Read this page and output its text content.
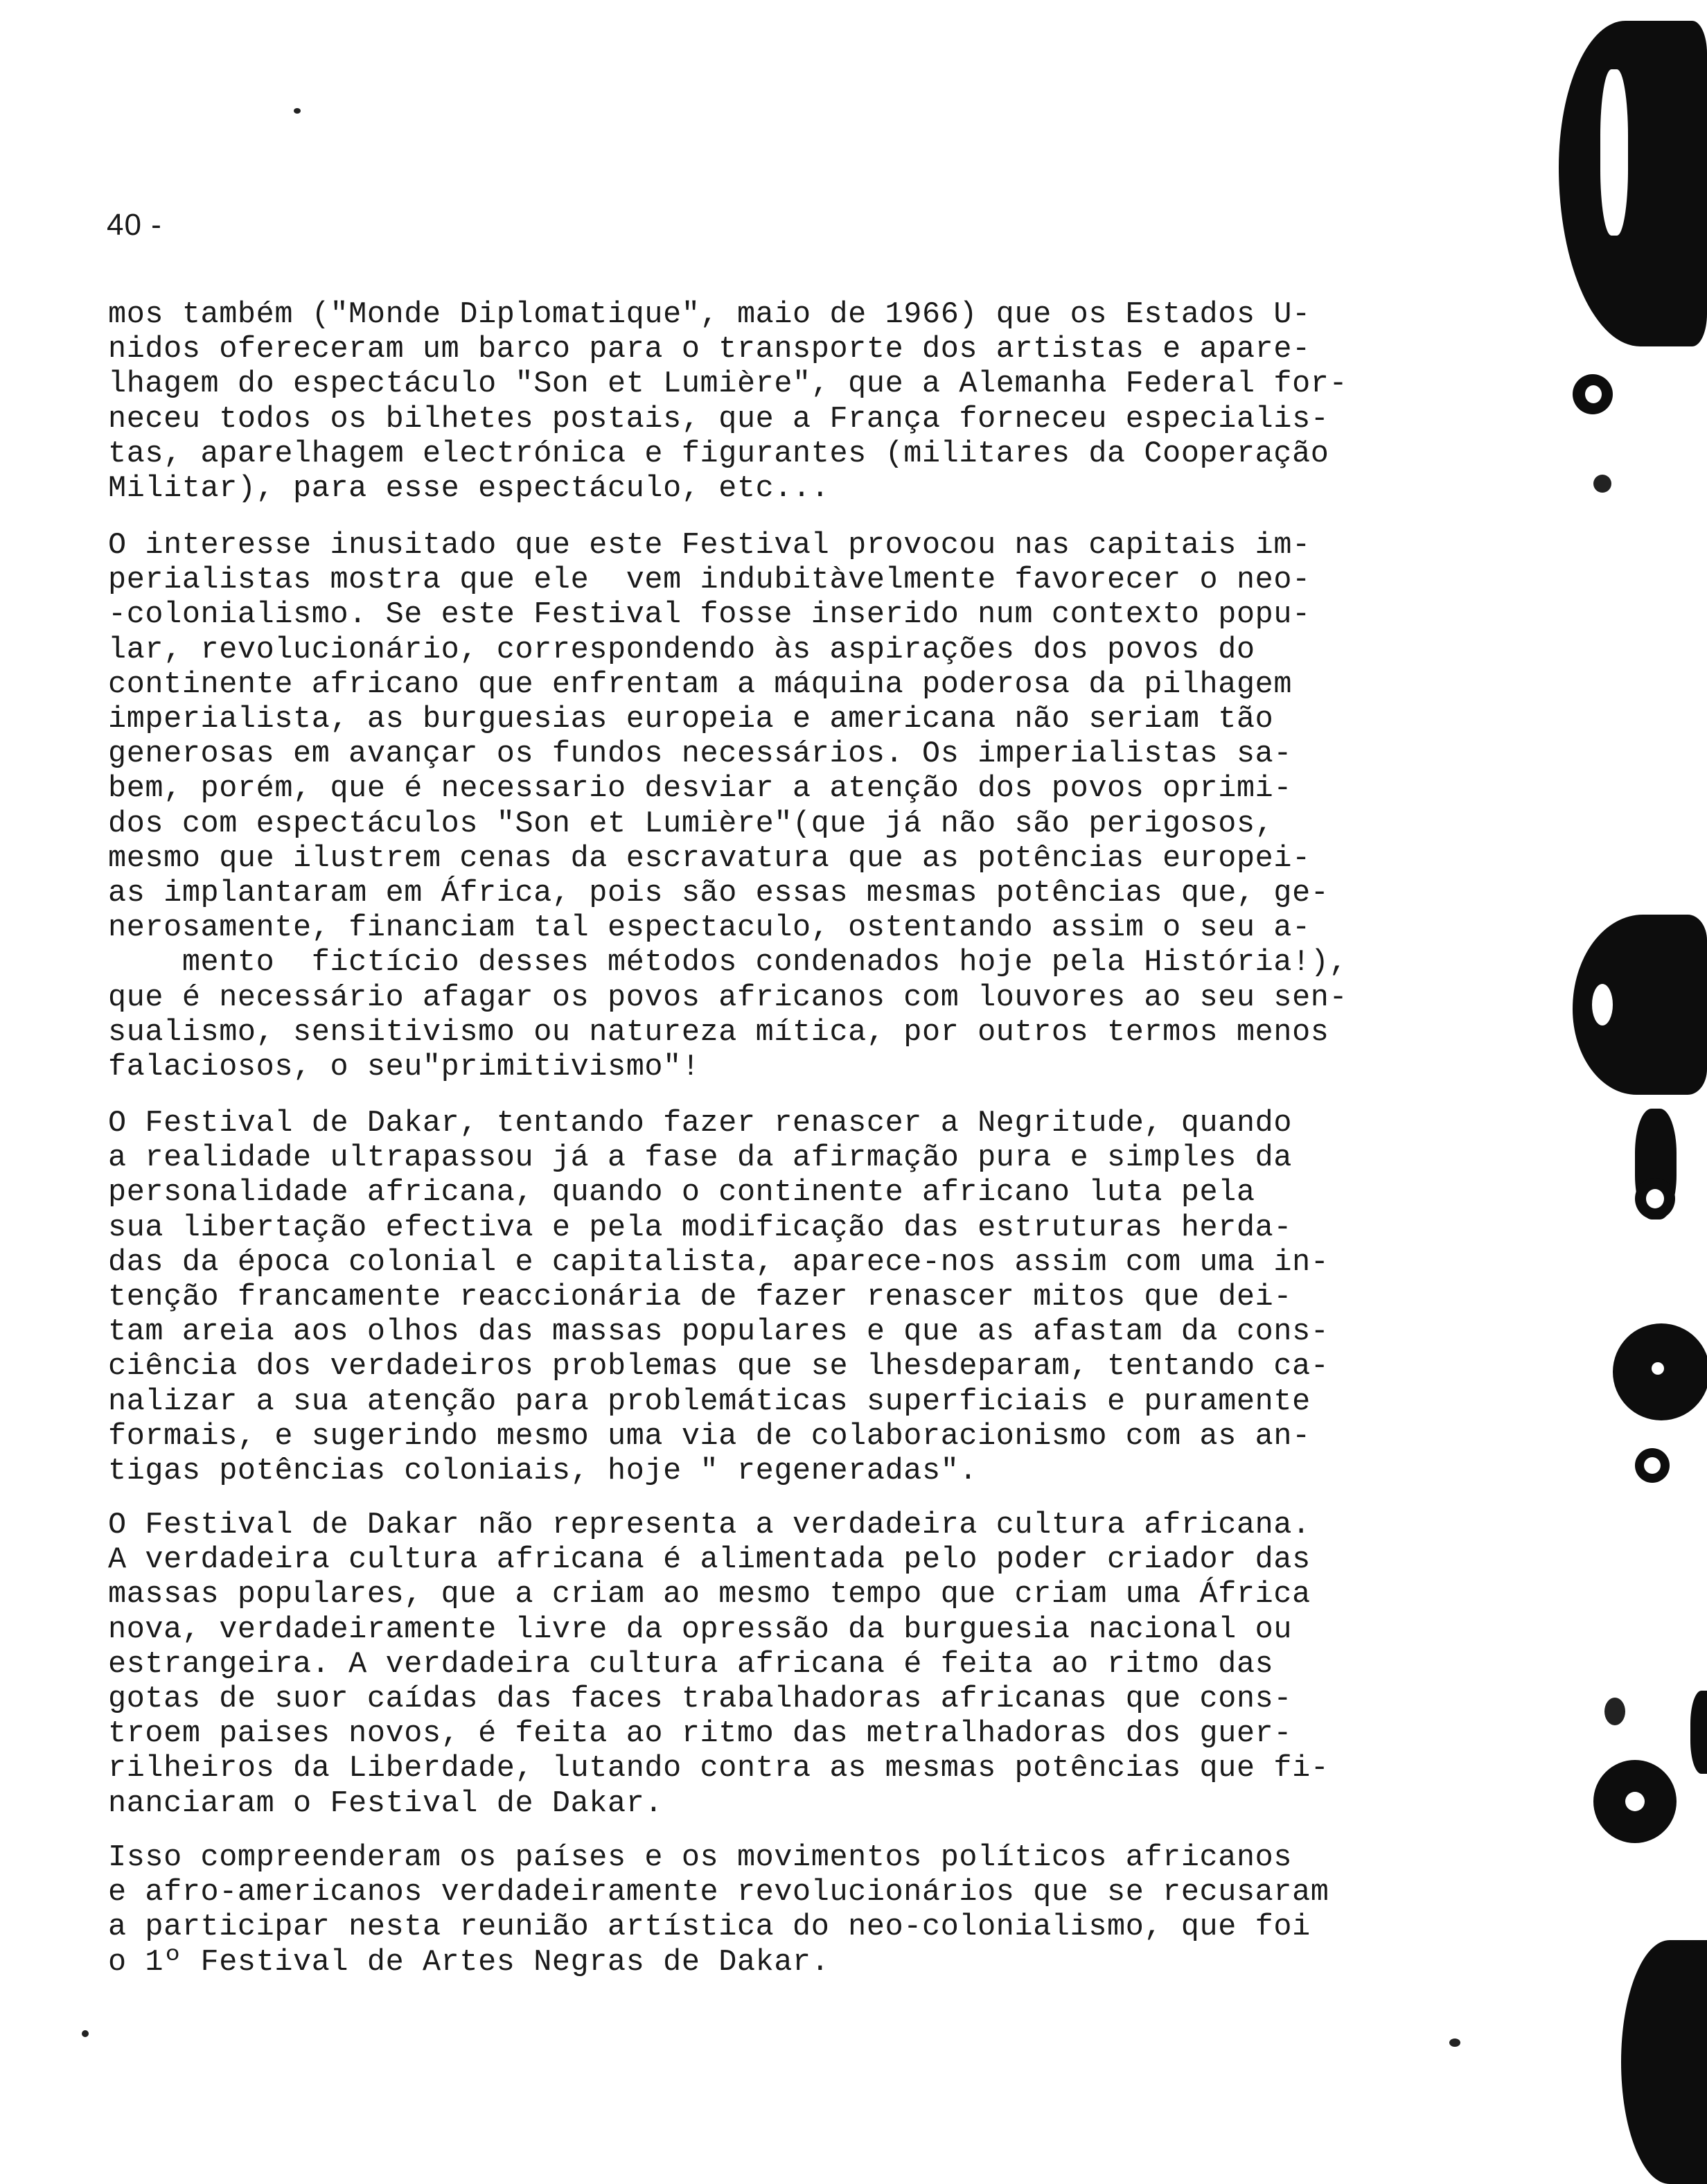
40 -
mos também ("Monde Diplomatique", maio de 1966) que os Estados U-
nidos ofereceram um barco para o transporte dos artistas e apare-
lhagem do espectáculo "Son et Lumière", que a Alemanha Federal for-
neceu todos os bilhetes postais, que a França forneceu especialis-
tas, aparelhagem electrónica e figurantes (militares da Cooperação
Militar), para esse espectáculo, etc...
O interesse inusitado que este Festival provocou nas capitais im-
perialistas mostra que ele  vem indubitàvelmente favorecer o neo-
-colonialismo. Se este Festival fosse inserido num contexto popu-
lar, revolucionário, correspondendo às aspirações dos povos do
continente africano que enfrentam a máquina poderosa da pilhagem
imperialista, as burguesias europeia e americana não seriam tão
generosas em avançar os fundos necessários. Os imperialistas sa-
bem, porém, que é necessario desviar a atenção dos povos oprimi-
dos com espectáculos "Son et Lumière"(que já não são perigosos,
mesmo que ilustrem cenas da escravatura que as potências europei-
as implantaram em África, pois são essas mesmas potências que, ge-
nerosamente, financiam tal espectaculo, ostentando assim o seu a-
mento  fictício desses métodos condenados hoje pela História!),
que é necessário afagar os povos africanos com louvores ao seu sen-
sualismo, sensitivismo ou natureza mítica, por outros termos menos
falaciosos, o seu"primitivismo"!
O Festival de Dakar, tentando fazer renascer a Negritude, quando
a realidade ultrapassou já a fase da afirmação pura e simples da
personalidade africana, quando o continente africano luta pela
sua libertação efectiva e pela modificação das estruturas herda-
das da época colonial e capitalista, aparece-nos assim com uma in-
tenção francamente reaccionária de fazer renascer mitos que dei-
tam areia aos olhos das massas populares e que as afastam da cons-
ciência dos verdadeiros problemas que se lhesdeparam, tentando ca-
nalizar a sua atenção para problemáticas superficiais e puramente
formais, e sugerindo mesmo uma via de colaboracionismo com as an-
tigas potências coloniais, hoje " regeneradas".
O Festival de Dakar não representa a verdadeira cultura africana.
A verdadeira cultura africana é alimentada pelo poder criador das
massas populares, que a criam ao mesmo tempo que criam uma África
nova, verdadeiramente livre da opressão da burguesia nacional ou
estrangeira. A verdadeira cultura africana é feita ao ritmo das
gotas de suor caídas das faces trabalhadoras africanas que cons-
troem paises novos, é feita ao ritmo das metralhadoras dos guer-
rilheiros da Liberdade, lutando contra as mesmas potências que fi-
nanciaram o Festival de Dakar.
Isso compreenderam os países e os movimentos políticos africanos
e afro-americanos verdadeiramente revolucionários que se recusaram
a participar nesta reunião artística do neo-colonialismo, que foi
o 1º Festival de Artes Negras de Dakar.
